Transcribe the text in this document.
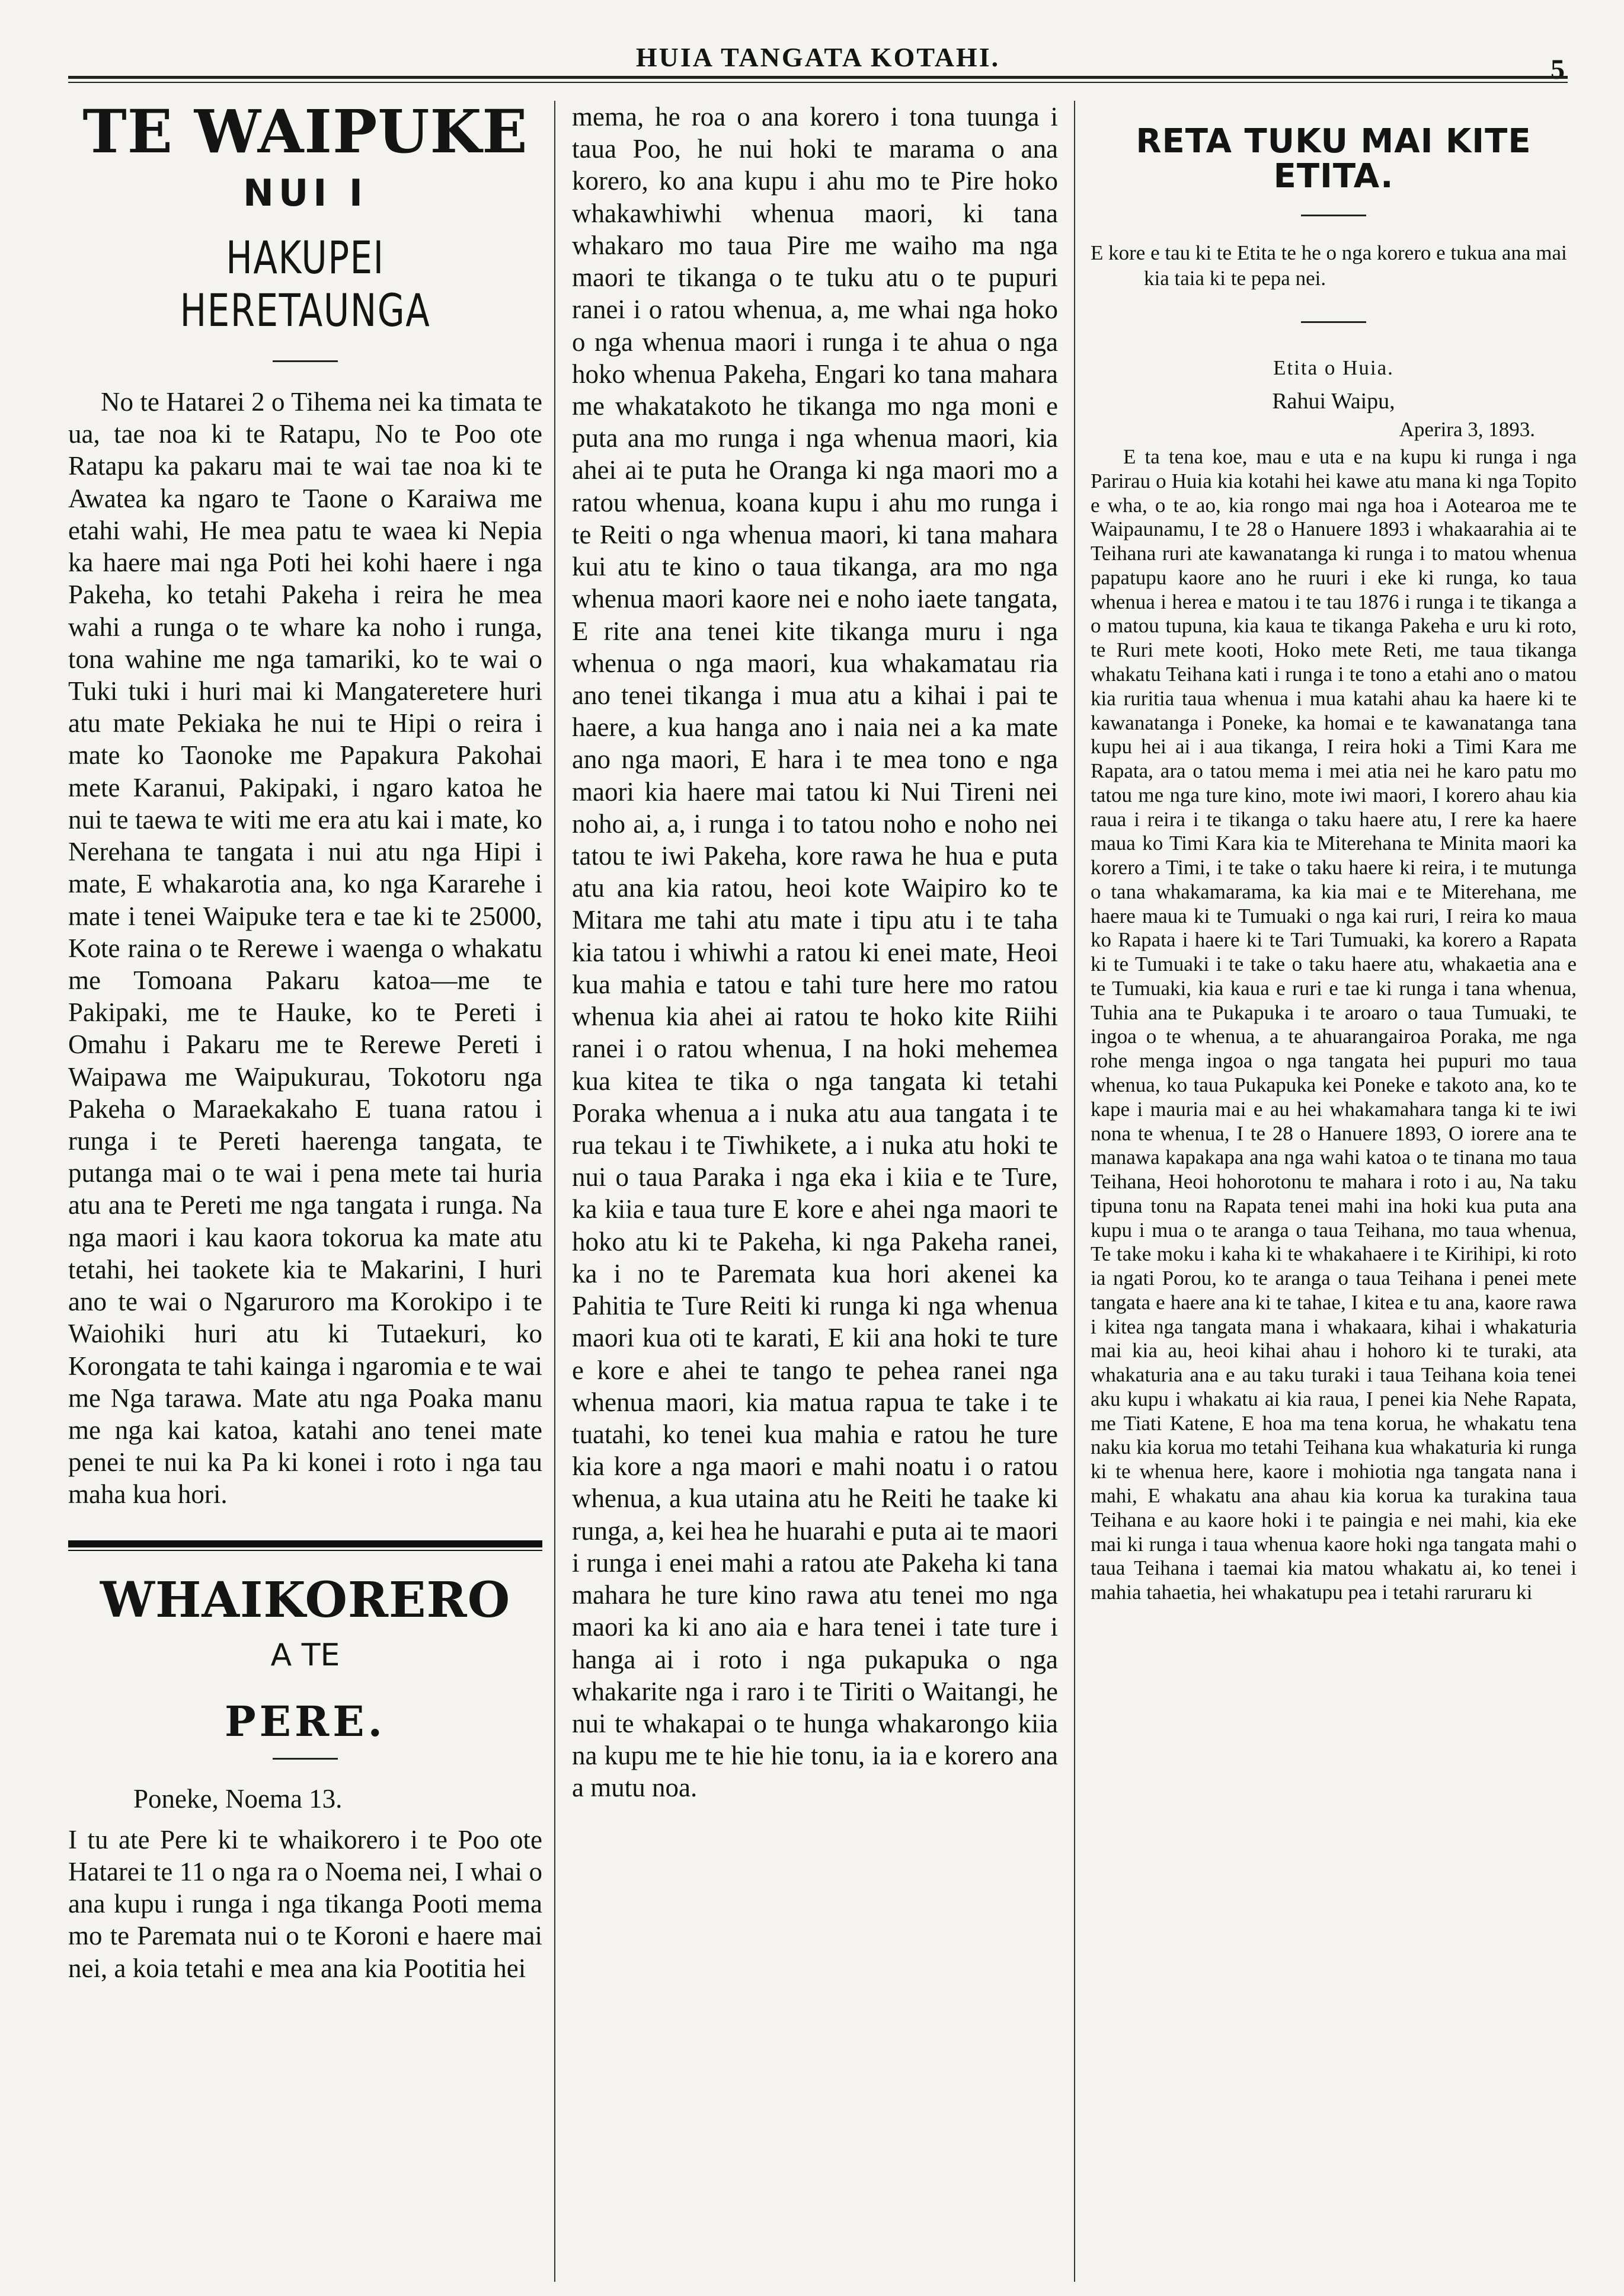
HUIA TANGATA KOTAHI.	5
TE WAIPUKE
NUI I
HAKUPEI HERETAUNGA

No te Hatarei 2 o Tihema nei ka timata te ua, tae noa ki te Ratapu, No te Poo ote Ratapu ka pakaru mai te wai tae noa ki te Awatea ka ngaro te Taone o Karaiwa me etahi wahi, He mea patu te waea ki Nepia ka haere mai nga Poti hei kohi haere i nga Pakeha, ko tetahi Pakeha i reira he mea wahi a runga o te whare ka noho i runga, tona wahine me nga tamariki, ko te wai o Tuki tuki i huri mai ki Mangateretere huri atu mate Pekiaka he nui te Hipi o reira i mate ko Taonoke me Papakura Pakohai mete Karanui, Pakipaki, i ngaro katoa he nui te taewa te witi me era atu kai i mate, ko Nerehana te tangata i nui atu nga Hipi i mate, E whakarotia ana, ko nga Kararehe i mate i tenei Waipuke tera e tae ki te 25000, Kote raina o te Rerewe i waenga o whakatu me Tomoana Pakaru katoa—me te Pakipaki, me te Hauke, ko te Pereti i Omahu i Pakaru me te Rerewe Pereti i Waipawa me Waipukurau, Tokotoru nga Pakeha o Maraekakaho E tuana ratou i runga i te Pereti haerenga tangata, te putanga mai o te wai i pena mete tai huria atu ana te Pereti me nga tangata i runga. Na nga maori i kau kaora tokorua ka mate atu tetahi, hei taokete kia te Makarini, I huri ano te wai o Ngaruroro ma Korokipo i te Waiohiki huri atu ki Tutaekuri, ko Korongata te tahi kainga i ngaromia e te wai me Nga tarawa. Mate atu nga Poaka manu me nga kai katoa, katahi ano tenei mate penei te nui ka Pa ki konei i roto i nga tau maha kua hori.

WHAIKORERO
A TE
PERE.
Poneke, Noema 13.

I tu ate Pere ki te whaikorero i te Poo ote Hatarei te 11 o nga ra o Noema nei, I whai o ana kupu i runga i nga tikanga Pooti mema mo te Paremata nui o te Koroni e haere mai nei, a koia tetahi e mea ana kia Pootitia hei

mema, he roa o ana korero i tona tuunga i taua Poo, he nui hoki te marama o ana korero, ko ana kupu i ahu mo te Pire hoko whakawhiwhi whenua maori, ki tana whakaro mo taua Pire me waiho ma nga maori te tikanga o te tuku atu o te pupuri ranei i o ratou whenua, a, me whai nga hoko o nga whenua maori i runga i te ahua o nga hoko whenua Pakeha, Engari ko tana mahara me whakatakoto he tikanga mo nga moni e puta ana mo runga i nga whenua maori, kia ahei ai te puta he Oranga ki nga maori mo a ratou whenua, koana kupu i ahu mo runga i te Reiti o nga whenua maori, ki tana mahara kui atu te kino o taua tikanga, ara mo nga whenua maori kaore nei e noho iaete tangata, E rite ana tenei kite tikanga muru i nga whenua o nga maori, kua whakamatau ria ano tenei tikanga i mua atu a kihai i pai te haere, a kua hanga ano i naia nei a ka mate ano nga maori, E hara i te mea tono e nga maori kia haere mai tatou ki Nui Tireni nei noho ai, a, i runga i to tatou noho e noho nei tatou te iwi Pakeha, kore rawa he hua e puta atu ana kia ratou, heoi kote Waipiro ko te Mitara me tahi atu mate i tipu atu i te taha kia tatou i whiwhi a ratou ki enei mate, Heoi kua mahia e tatou e tahi ture here mo ratou whenua kia ahei ai ratou te hoko kite Riihi ranei i o ratou whenua, I na hoki mehemea kua kitea te tika o nga tangata ki tetahi Poraka whenua a i nuka atu aua tangata i te rua tekau i te Tiwhikete, a i nuka atu hoki te nui o taua Paraka i nga eka i kiia e te Ture, ka kiia e taua ture E kore e ahei nga maori te hoko atu ki te Pakeha, ki nga Pakeha ranei, ka i no te Paremata kua hori akenei ka Pahitia te Ture Reiti ki runga ki nga whenua maori kua oti te karati, E kii ana hoki te ture e kore e ahei te tango te pehea ranei nga whenua maori, kia matua rapua te take i te tuatahi, ko tenei kua mahia e ratou he ture kia kore a nga maori e mahi noatu i o ratou whenua, a kua utaina atu he Reiti he taake ki runga, a, kei hea he huarahi e puta ai te maori i runga i enei mahi a ratou ate Pakeha ki tana mahara he ture kino rawa atu tenei mo nga maori ka ki ano aia e hara tenei i tate ture i hanga ai i roto i nga pukapuka o nga whakarite nga i raro i te Tiriti o Waitangi, he nui te whakapai o te hunga whakarongo kiia na kupu me te hie hie tonu, ia ia e korero ana a mutu noa.

RETA TUKU MAI KITE
ETITA.

E kore e tau ki te Etita te he o nga korero e tukua ana mai kia taia ki te pepa nei.

Etita o Huia.
Rahui Waipu,
Aperira 3, 1893.

E ta tena koe, mau e uta e na kupu ki runga i nga Parirau o Huia kia kotahi hei kawe atu mana ki nga Topito e wha, o te ao, kia rongo mai nga hoa i Aotearoa me te Waipaunamu, I te 28 o Hanuere 1893 i whakaarahia ai te Teihana ruri ate kawanatanga ki runga i to matou whenua papatupu kaore ano he ruuri i eke ki runga, ko taua whenua i herea e matou i te tau 1876 i runga i te tikanga a o matou tupuna, kia kaua te tikanga Pakeha e uru ki roto, te Ruri mete kooti, Hoko mete Reti, me taua tikanga whakatu Teihana kati i runga i te tono a etahi ano o matou kia ruritia taua whenua i mua katahi ahau ka haere ki te kawanatanga i Poneke, ka homai e te kawanatanga tana kupu hei ai i aua tikanga, I reira hoki a Timi Kara me Rapata, ara o tatou mema i mei atia nei he karo patu mo tatou me nga ture kino, mote iwi maori, I korero ahau kia raua i reira i te tikanga o taku haere atu, I rere ka haere maua ko Timi Kara kia te Miterehana te Minita maori ka korero a Timi, i te take o taku haere ki reira, i te mutunga o tana whakamarama, ka kia mai e te Miterehana, me haere maua ki te Tumuaki o nga kai ruri, I reira ko maua ko Rapata i haere ki te Tari Tumuaki, ka korero a Rapata ki te Tumuaki i te take o taku haere atu, whakaetia ana e te Tumuaki, kia kaua e ruri e tae ki runga i tana whenua, Tuhia ana te Pukapuka i te aroaro o taua Tumuaki, te ingoa o te whenua, a te ahuarangairoa Poraka, me nga rohe menga ingoa o nga tangata hei pupuri mo taua whenua, ko taua Pukapuka kei Poneke e takoto ana, ko te kape i mauria mai e au hei whakamahara tanga ki te iwi nona te whenua, I te 28 o Hanuere 1893, O iorere ana te manawa kapakapa ana nga wahi katoa o te tinana mo taua Teihana, Heoi hohorotonu te mahara i roto i au, Na taku tipuna tonu na Rapata tenei mahi ina hoki kua puta ana kupu i mua o te aranga o taua Teihana, mo taua whenua, Te take moku i kaha ki te whakahaere i te Kirihipi, ki roto ia ngati Porou, ko te aranga o taua Teihana i penei mete tangata e haere ana ki te tahae, I kitea e tu ana, kaore rawa i kitea nga tangata mana i whakaara, kihai i whakaturia mai kia au, heoi kihai ahau i hohoro ki te turaki, ata whakaturia ana e au taku turaki i taua Teihana koia tenei aku kupu i whakatu ai kia raua, I penei kia Nehe Rapata, me Tiati Katene, E hoa ma tena korua, he whakatu tena naku kia korua mo tetahi Teihana kua whakaturia ki runga ki te whenua here, kaore i mohiotia nga tangata nana i mahi, E whakatu ana ahau kia korua ka turakina taua Teihana e au kaore hoki i te paingia e nei mahi, kia eke mai ki runga i taua whenua kaore hoki nga tangata mahi o taua Teihana i taemai kia matou whakatu ai, ko tenei i mahia tahaetia, hei whakatupu pea i tetahi raruraru ki
